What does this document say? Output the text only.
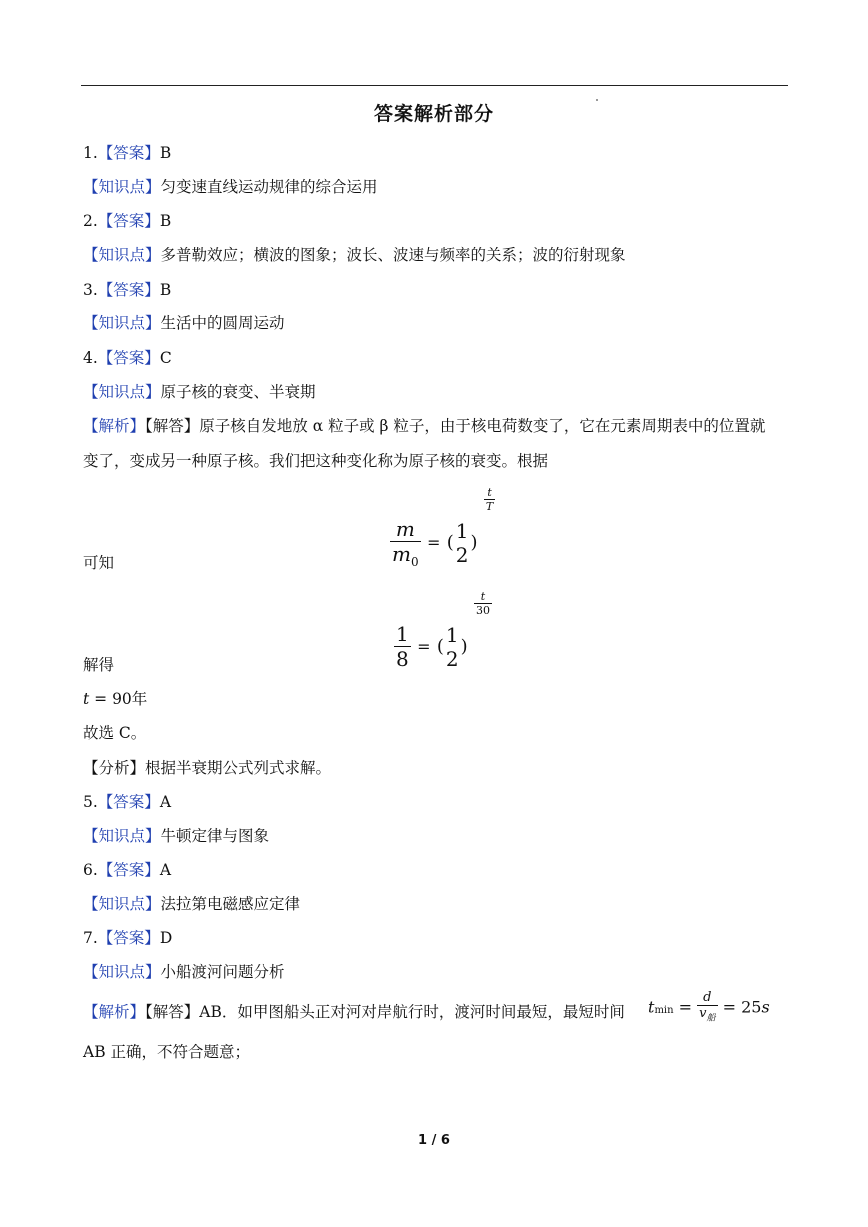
答案解析部分
1.【答案】B
【知识点】匀变速直线运动规律的综合运用
2.【答案】B
【知识点】多普勒效应；横波的图象；波长、波速与频率的关系；波的衍射现象
3.【答案】B
【知识点】生活中的圆周运动
4.【答案】C
【知识点】原子核的衰变、半衰期
【解析】【解答】原子核自发地放 α 粒子或 β 粒子，由于核电荷数变了，它在元素周期表中的位置就
变了，变成另一种原子核。我们把这种变化称为原子核的衰变。根据
$\frac{m}{m_0}$ = ( 1
2 )
$\frac{t}{T}$
可知
$\frac{1}{8}$ = ( 1
2 )
$\frac{t}{30}$
解得
t = 90年
故选 C。
【分析】根据半衰期公式列式求解。
5.【答案】A
【知识点】牛顿定律与图象
6.【答案】A
【知识点】法拉第电磁感应定律
7.【答案】D
【知识点】小船渡河问题分析
【解析】【解答】AB．如甲图船头正对河对岸航行时，渡河时间最短，最短时间 $t_{min} = \frac{d}{v_船} = 25s$
AB 正确，不符合题意；
1 / 6
